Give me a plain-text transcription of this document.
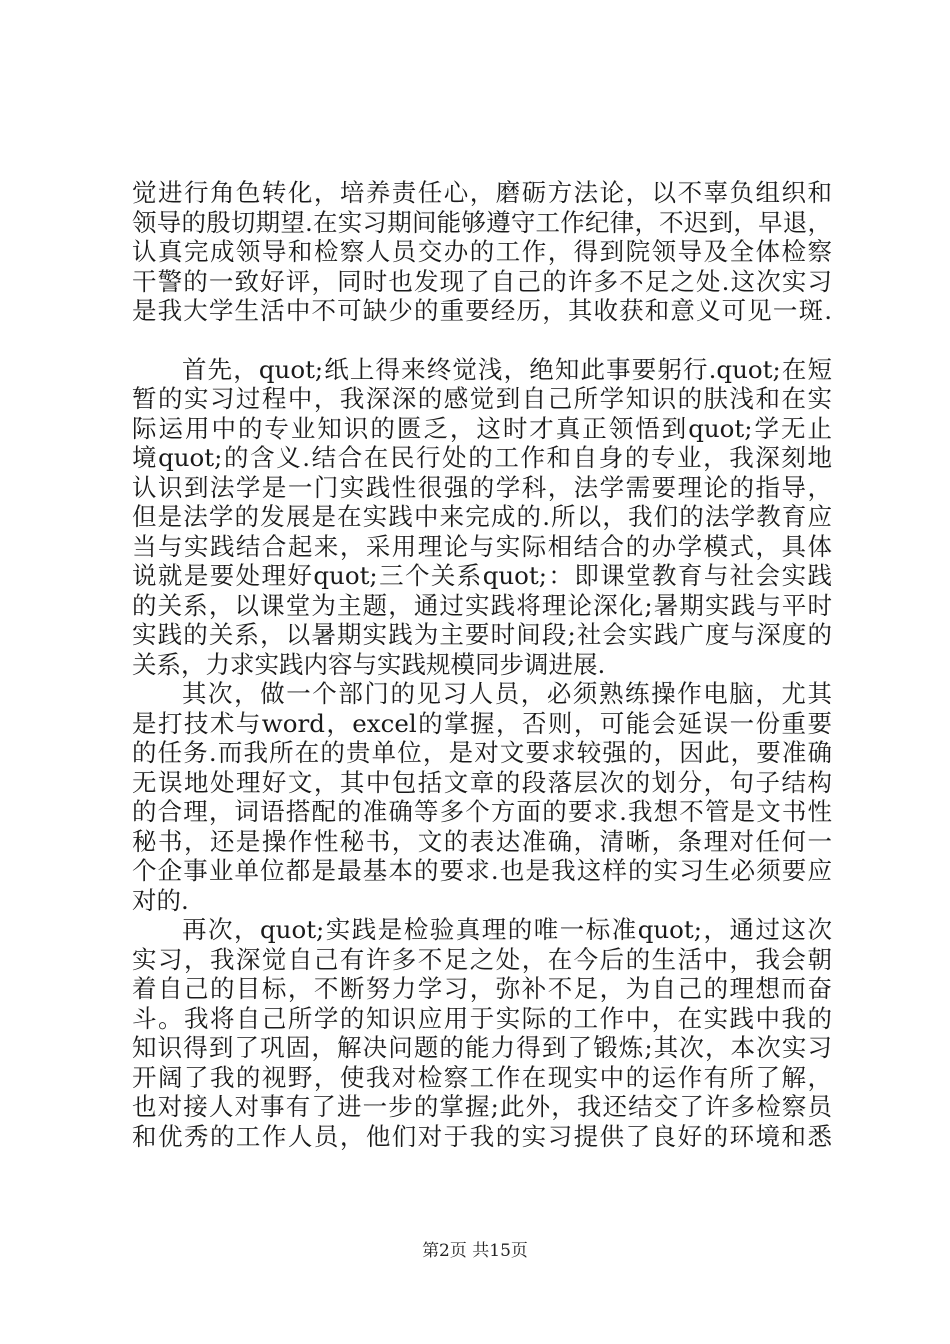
觉进行角色转化，培养责任心，磨砺方法论，以不辜负组织和
领导的殷切期望.在实习期间能够遵守工作纪律，不迟到，早退，
认真完成领导和检察人员交办的工作，得到院领导及全体检察
干警的一致好评，同时也发现了自己的许多不足之处.这次实习
是我大学生活中不可缺少的重要经历，其收获和意义可见一斑.
首先，quot;纸上得来终觉浅，绝知此事要躬行.quot;在短
暂的实习过程中，我深深的感觉到自己所学知识的肤浅和在实
际运用中的专业知识的匮乏，这时才真正领悟到quot;学无止
境quot;的含义.结合在民行处的工作和自身的专业，我深刻地
认识到法学是一门实践性很强的学科，法学需要理论的指导，
但是法学的发展是在实践中来完成的.所以，我们的法学教育应
当与实践结合起来，采用理论与实际相结合的办学模式，具体
说就是要处理好quot;三个关系quot;：即课堂教育与社会实践
的关系，以课堂为主题，通过实践将理论深化;暑期实践与平时
实践的关系，以暑期实践为主要时间段;社会实践广度与深度的
关系，力求实践内容与实践规模同步调进展.
其次，做一个部门的见习人员，必须熟练操作电脑，尤其
是打技术与word，excel的掌握，否则，可能会延误一份重要
的任务.而我所在的贵单位，是对文要求较强的，因此，要准确
无误地处理好文，其中包括文章的段落层次的划分，句子结构
的合理，词语搭配的准确等多个方面的要求.我想不管是文书性
秘书，还是操作性秘书，文的表达准确，清晰，条理对任何一
个企事业单位都是最基本的要求.也是我这样的实习生必须要应
对的.
再次，quot;实践是检验真理的唯一标准quot;，通过这次
实习，我深觉自己有许多不足之处，在今后的生活中，我会朝
着自己的目标，不断努力学习，弥补不足，为自己的理想而奋
斗。我将自己所学的知识应用于实际的工作中，在实践中我的
知识得到了巩固，解决问题的能力得到了锻炼;其次，本次实习
开阔了我的视野，使我对检察工作在现实中的运作有所了解，
也对接人对事有了进一步的掌握;此外，我还结交了许多检察员
和优秀的工作人员，他们对于我的实习提供了良好的环境和悉
第2页 共15页
